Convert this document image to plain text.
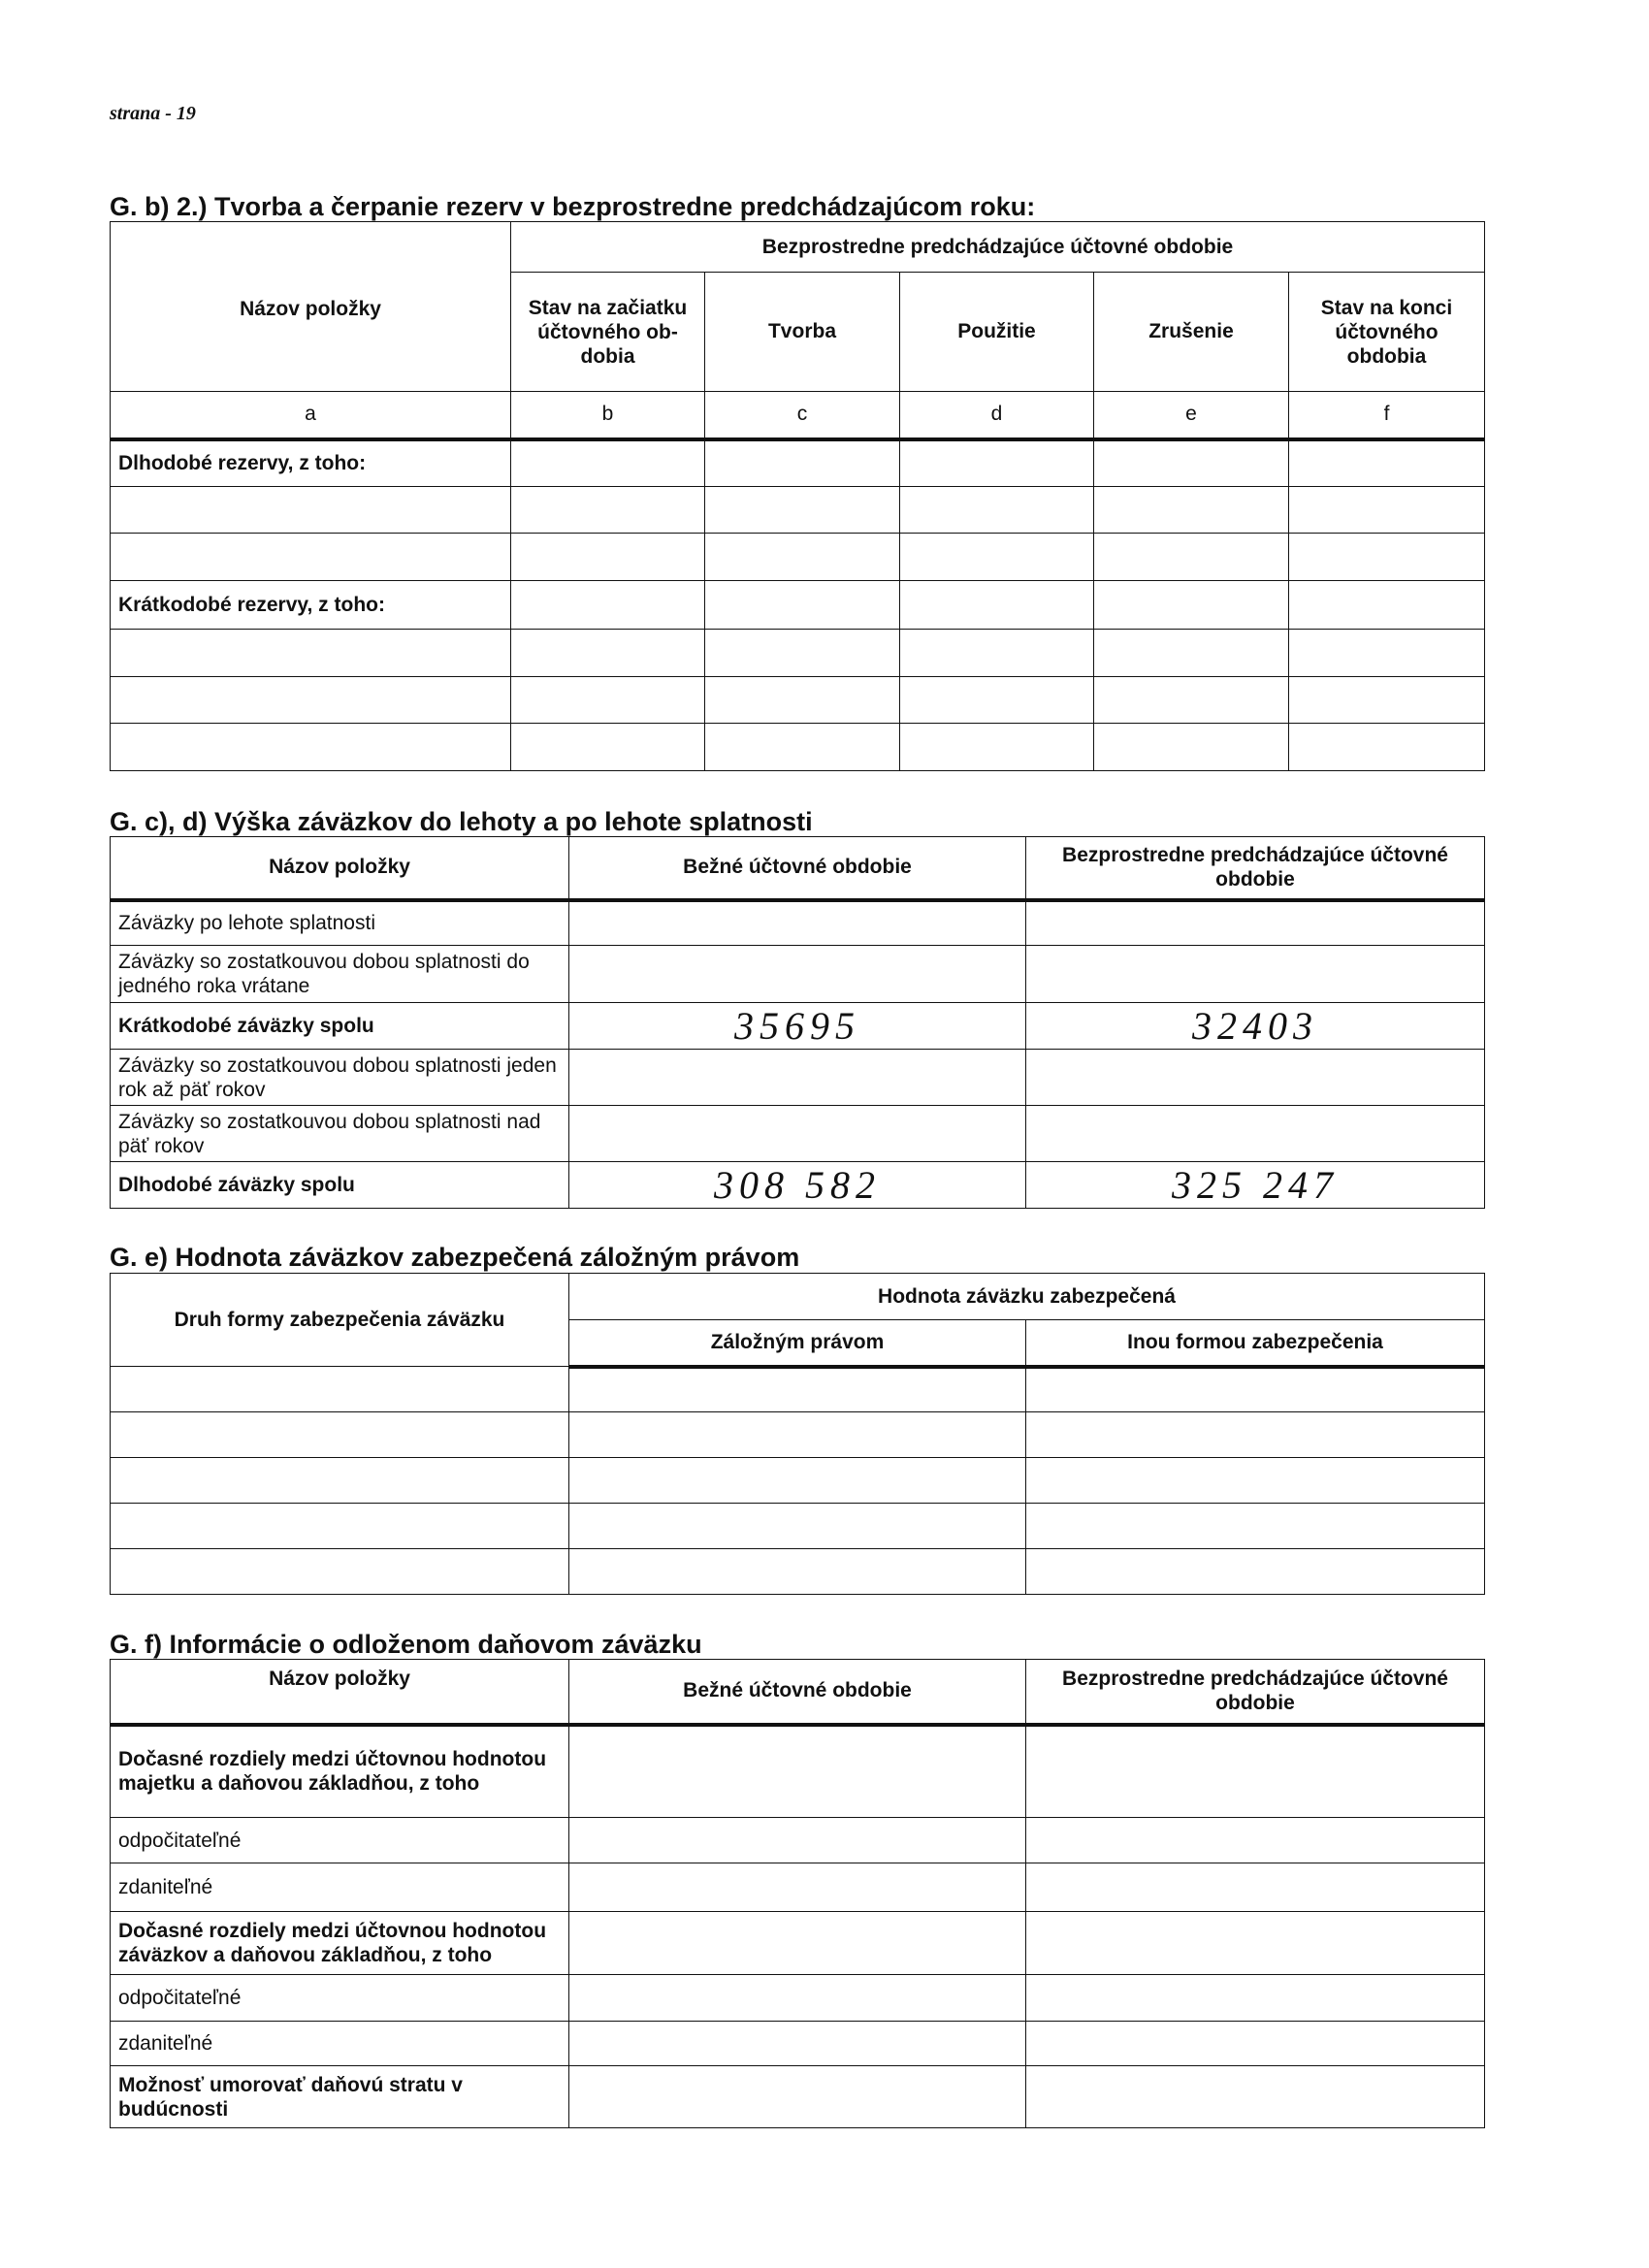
strana - 19
G. b) 2.) Tvorba a čerpanie rezerv v bezprostredne predchádzajúcom roku:
Názov položky	Bezprostredne predchádzajúce účtovné obdobie				
	Stav na začiatku účtovného ob-dobia	Tvorba	Použitie	Zrušenie	Stav na konci účtovného obdobia
a	b	c	d	e	f
Dlhodobé rezervy, z toho:					

Krátkodobé rezervy, z toho:					

G. c), d) Výška záväzkov do lehoty a po lehote splatnosti
Názov položky	Bežné účtovné obdobie	Bezprostredne predchádzajúce účtovné obdobie
Záväzky po lehote splatnosti		
Záväzky so zostatkouvou dobou splatnosti do jedného roka vrátane		
Krátkodobé záväzky spolu	35695	32403
Záväzky so zostatkouvou dobou splatnosti jeden rok až päť rokov		
Záväzky so zostatkouvou dobou splatnosti nad päť rokov		
Dlhodobé záväzky spolu	308 582	325 247
G. e) Hodnota záväzkov zabezpečená záložným právom
Druh formy zabezpečenia záväzku	Hodnota záväzku zabezpečená	
	Záložným právom	Inou formou zabezpečenia

G. f) Informácie o odloženom daňovom záväzku
Názov položky	Bežné účtovné obdobie	Bezprostredne predchádzajúce účtovné obdobie
Dočasné rozdiely medzi účtovnou hodnotou majetku a daňovou základňou, z toho		
odpočitateľné		
zdaniteľné		
Dočasné rozdiely medzi účtovnou hodnotou záväzkov a daňovou základňou, z toho		
odpočitateľné		
zdaniteľné		
Možnosť umorovať daňovú stratu v budúcnosti		
